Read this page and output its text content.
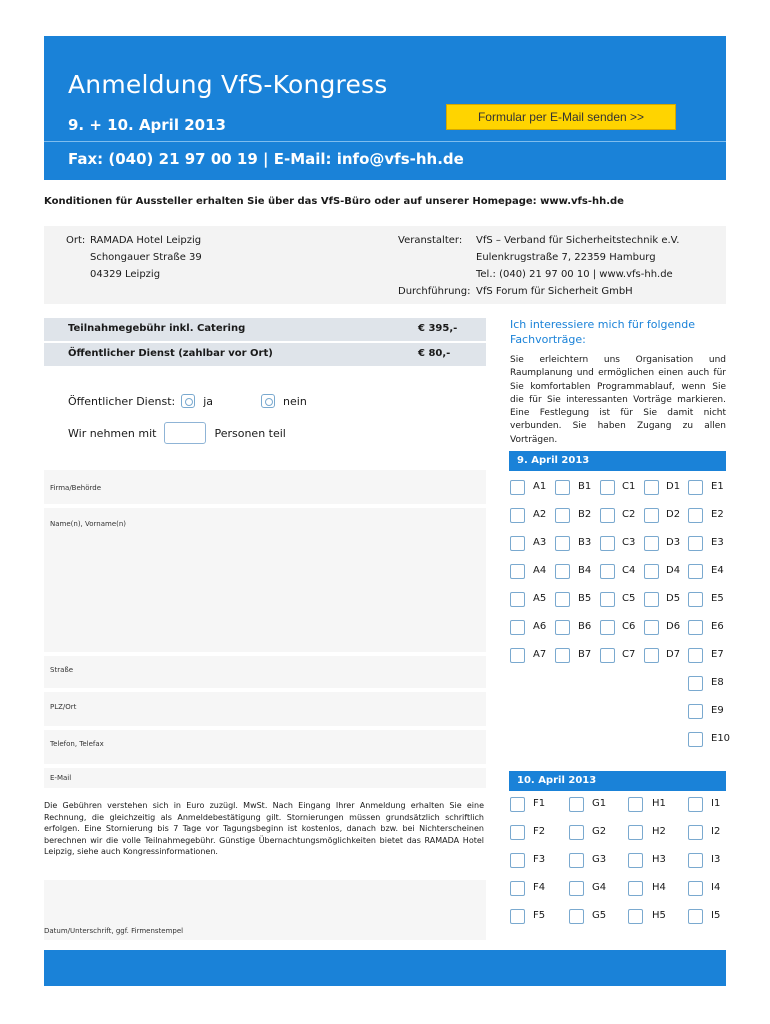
Anmeldung VfS-Kongress
9. + 10. April 2013
Fax: (040) 21 97 00 19 | E-Mail: info@vfs-hh.de
Formular per E-Mail senden >>
Konditionen für Aussteller erhalten Sie über das VfS-Büro oder auf unserer Homepage: www.vfs-hh.de
Ort: RAMADA Hotel Leipzig
Schongauer Straße 39
04329 Leipzig
Veranstalter:	VfS – Verband für Sicherheitstechnik e.V.
Eulenkrugstraße 7, 22359 Hamburg
Tel.: (040) 21 97 00 10 | www.vfs-hh.de
Durchführung: VfS Forum für Sicherheit GmbH
Teilnahmegebühr inkl. Catering	€ 395,-
Öffentlicher Dienst (zahlbar vor Ort)	€ 80,-
Öffentlicher Dienst:	ja	nein
Wir nehmen mit	Personen teil
Firma/Behörde
Name(n), Vorname(n)
Straße
PLZ/Ort
Telefon, Telefax
E-Mail
Die Gebühren verstehen sich in Euro zuzügl. MwSt. Nach Eingang Ihrer Anmeldung erhalten Sie eine Rechnung, die gleichzeitig als Anmeldebestätigung gilt. Stornierungen müssen grundsätzlich schriftlich erfolgen. Eine Stornierung bis 7 Tage vor Tagungsbeginn ist kostenlos, danach bzw. bei Nichterscheinen berechnen wir die volle Teilnahmegebühr. Günstige Übernachtungsmöglichkeiten bietet das RAMADA Hotel Leipzig, siehe auch Kongressinformationen.
Datum/Unterschrift, ggf. Firmenstempel
Ich interessiere mich für folgende Fachvorträge:
Sie erleichtern uns Organisation und Raumplanung und ermöglichen einen auch für Sie komfortablen Programmablauf, wenn Sie die für Sie interessanten Vorträge markieren. Eine Festlegung ist für Sie damit nicht verbunden. Sie haben Zugang zu allen Vorträgen.
9. April 2013
A1	B1	C1	D1	E1
A2	B2	C2	D2	E2
A3	B3	C3	D3	E3
A4	B4	C4	D4	E4
A5	B5	C5	D5	E5
A6	B6	C6	D6	E6
A7	B7	C7	D7	E7
E8
E9
E10
10. April 2013
F1	G1	H1	I1
F2	G2	H2	I2
F3	G3	H3	I3
F4	G4	H4	I4
F5	G5	H5	I5
